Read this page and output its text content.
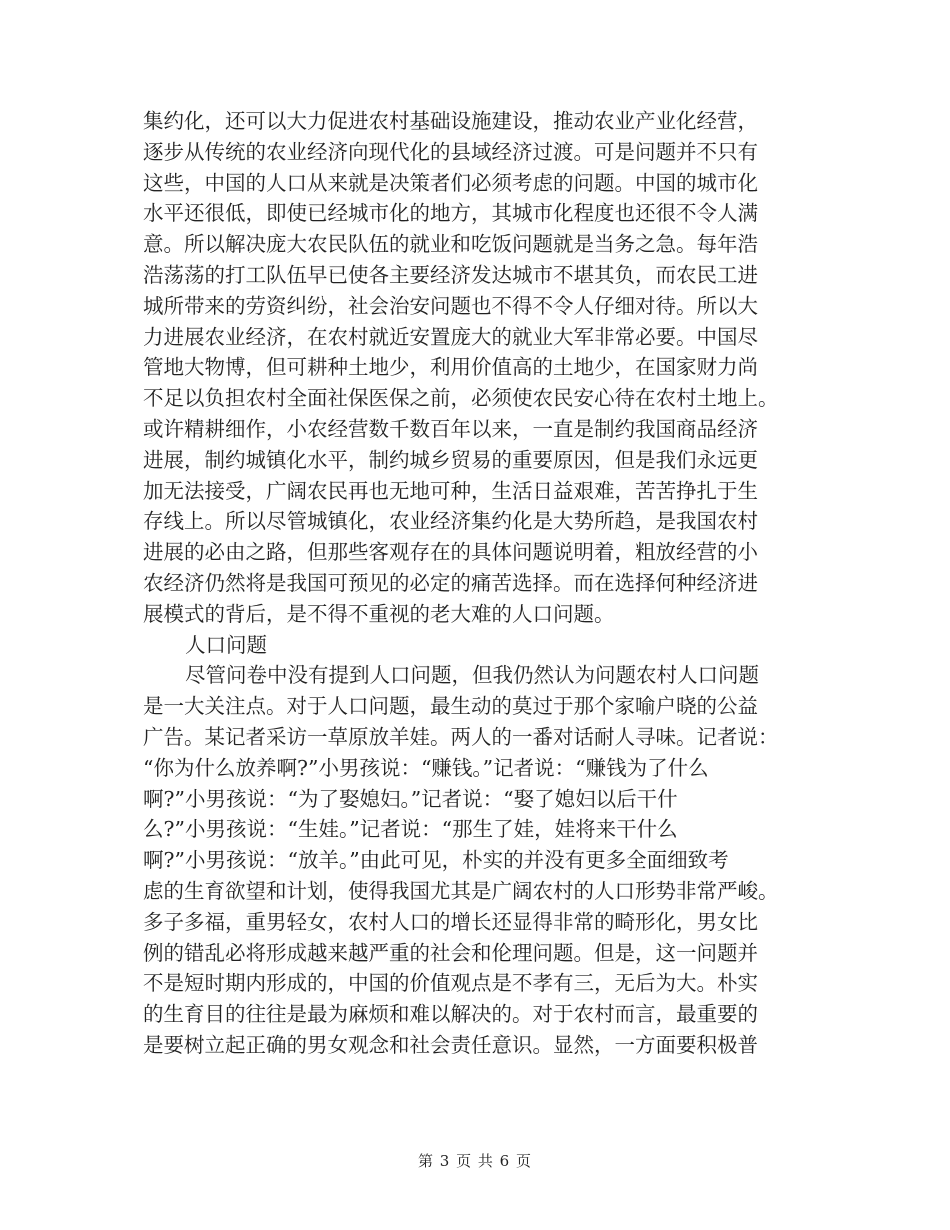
集约化，还可以大力促进农村基础设施建设，推动农业产业化经营，
逐步从传统的农业经济向现代化的县域经济过渡。可是问题并不只有
这些，中国的人口从来就是决策者们必须考虑的问题。中国的城市化
水平还很低，即使已经城市化的地方，其城市化程度也还很不令人满
意。所以解决庞大农民队伍的就业和吃饭问题就是当务之急。每年浩
浩荡荡的打工队伍早已使各主要经济发达城市不堪其负，而农民工进
城所带来的劳资纠纷，社会治安问题也不得不令人仔细对待。所以大
力进展农业经济，在农村就近安置庞大的就业大军非常必要。中国尽
管地大物博，但可耕种土地少，利用价值高的土地少，在国家财力尚
不足以负担农村全面社保医保之前，必须使农民安心待在农村土地上。
或许精耕细作，小农经营数千数百年以来，一直是制约我国商品经济
进展，制约城镇化水平，制约城乡贸易的重要原因，但是我们永远更
加无法接受，广阔农民再也无地可种，生活日益艰难，苦苦挣扎于生
存线上。所以尽管城镇化，农业经济集约化是大势所趋，是我国农村
进展的必由之路，但那些客观存在的具体问题说明着，粗放经营的小
农经济仍然将是我国可预见的必定的痛苦选择。而在选择何种经济进
展模式的背后，是不得不重视的老大难的人口问题。
人口问题
尽管问卷中没有提到人口问题，但我仍然认为问题农村人口问题
是一大关注点。对于人口问题，最生动的莫过于那个家喻户晓的公益
广告。某记者采访一草原放羊娃。两人的一番对话耐人寻味。记者说：
“你为什么放养啊?”小男孩说：“赚钱。”记者说：“赚钱为了什么
啊?”小男孩说：“为了娶媳妇。”记者说：“娶了媳妇以后干什
么?”小男孩说：“生娃。”记者说：“那生了娃，娃将来干什么
啊?”小男孩说：“放羊。”由此可见，朴实的并没有更多全面细致考
虑的生育欲望和计划，使得我国尤其是广阔农村的人口形势非常严峻。
多子多福，重男轻女，农村人口的增长还显得非常的畸形化，男女比
例的错乱必将形成越来越严重的社会和伦理问题。但是，这一问题并
不是短时期内形成的，中国的价值观点是不孝有三，无后为大。朴实
的生育目的往往是最为麻烦和难以解决的。对于农村而言，最重要的
是要树立起正确的男女观念和社会责任意识。显然，一方面要积极普
第 3 页 共 6 页
